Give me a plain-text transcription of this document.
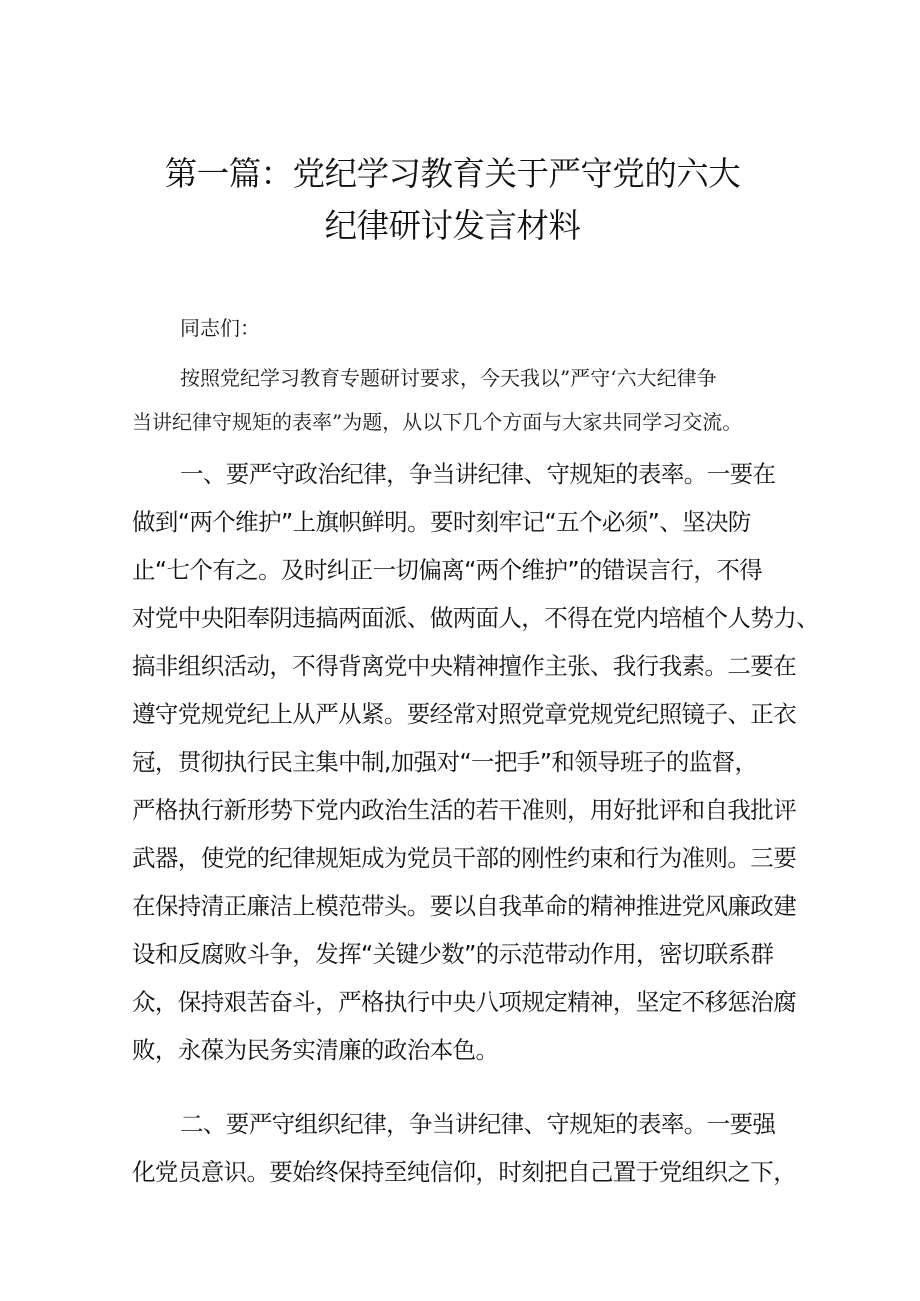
第一篇：党纪学习教育关于严守党的六大
纪律研讨发言材料
同志们：
按照党纪学习教育专题研讨要求，今天我以”严守‘六大纪律争
当讲纪律守规矩的表率”为题，从以下几个方面与大家共同学习交流。
一、要严守政治纪律，争当讲纪律、守规矩的表率。一要在
做到“两个维护”上旗帜鲜明。要时刻牢记“五个必须”、坚决防
止“七个有之。及时纠正一切偏离“两个维护”的错误言行，不得
对党中央阳奉阴违搞两面派、做两面人，不得在党内培植个人势力、
搞非组织活动，不得背离党中央精神擅作主张、我行我素。二要在
遵守党规党纪上从严从紧。要经常对照党章党规党纪照镜子、正衣
冠，贯彻执行民主集中制,加强对“一把手”和领导班子的监督，
严格执行新形势下党内政治生活的若干准则，用好批评和自我批评
武器，使党的纪律规矩成为党员干部的刚性约束和行为准则。三要
在保持清正廉洁上模范带头。要以自我革命的精神推进党风廉政建
设和反腐败斗争，发挥“关键少数”的示范带动作用，密切联系群
众，保持艰苦奋斗，严格执行中央八项规定精神，坚定不移惩治腐
败，永葆为民务实清廉的政治本色。
二、要严守组织纪律，争当讲纪律、守规矩的表率。一要强
化党员意识。要始终保持至纯信仰，时刻把自己置于党组织之下，
